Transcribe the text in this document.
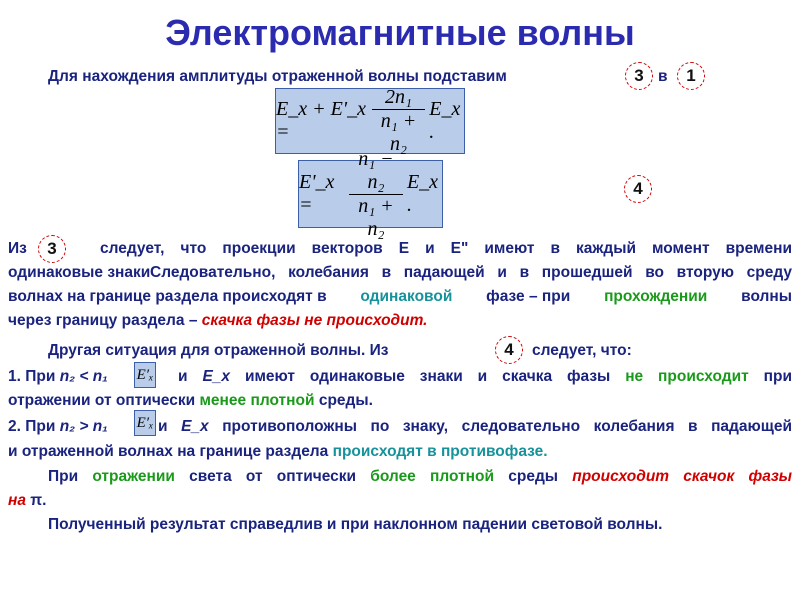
Электромагнитные волны
Для нахождения амплитуды отраженной волны подставим	3 в	1
E_x + E'_x =	$\frac{\text{2n₁}}{\text{n₁ + n₂}}$ E_x .
E'_x =	$\frac{\text{n₁ − n₂}}{\text{n₁ + n₂}}$ E_x .
4
Из	3	следует, что проекции векторов E и E" имеют в каждый момент времени
одинаковые знаки Следовательно, колебания в падающей и в прошедшей во вторую среду
волнах на границе раздела происходят в одинаковой фазе – при прохождении волны
через границу раздела – скачка фазы не происходит.
Другая ситуация для отраженной волны. Из	4	следует, что:
1. При n₂ < n₁ E′ₓ и E_x имеют одинаковые знаки и скачка фазы не происходит при
отражении от оптически менее плотной среды.
2. При n₂ > n₁ E′ₓ и E_x противоположны по знаку, следовательно колебания в падающей
и отраженной волнах на границе раздела происходят в противофазе.
При отражении света от оптически более плотной среды происходит скачок фазы
на π.
Полученный результат справедлив и при наклонном падении световой волны.
